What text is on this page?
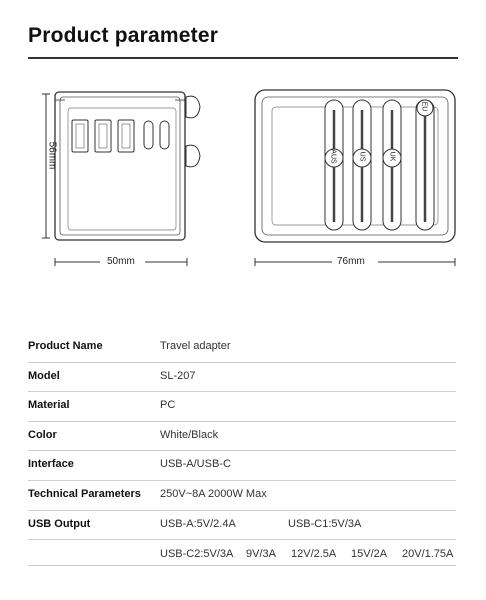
Product parameter
56mm
50mm	76mm
AUS	US	UK
EU
Product Name	Travel adapter
Model	SL-207
Material	PC
Color	White/Black
Interface	USB-A/USB-C
Technical Parameters 250V~8A 2000W Max
USB Output	USB-A:5V/2.4A	USB-C1:5V/3A
USB-C2:5V/3A 9V/3A 12V/2.5A 15V/2A 20V/1.75A
